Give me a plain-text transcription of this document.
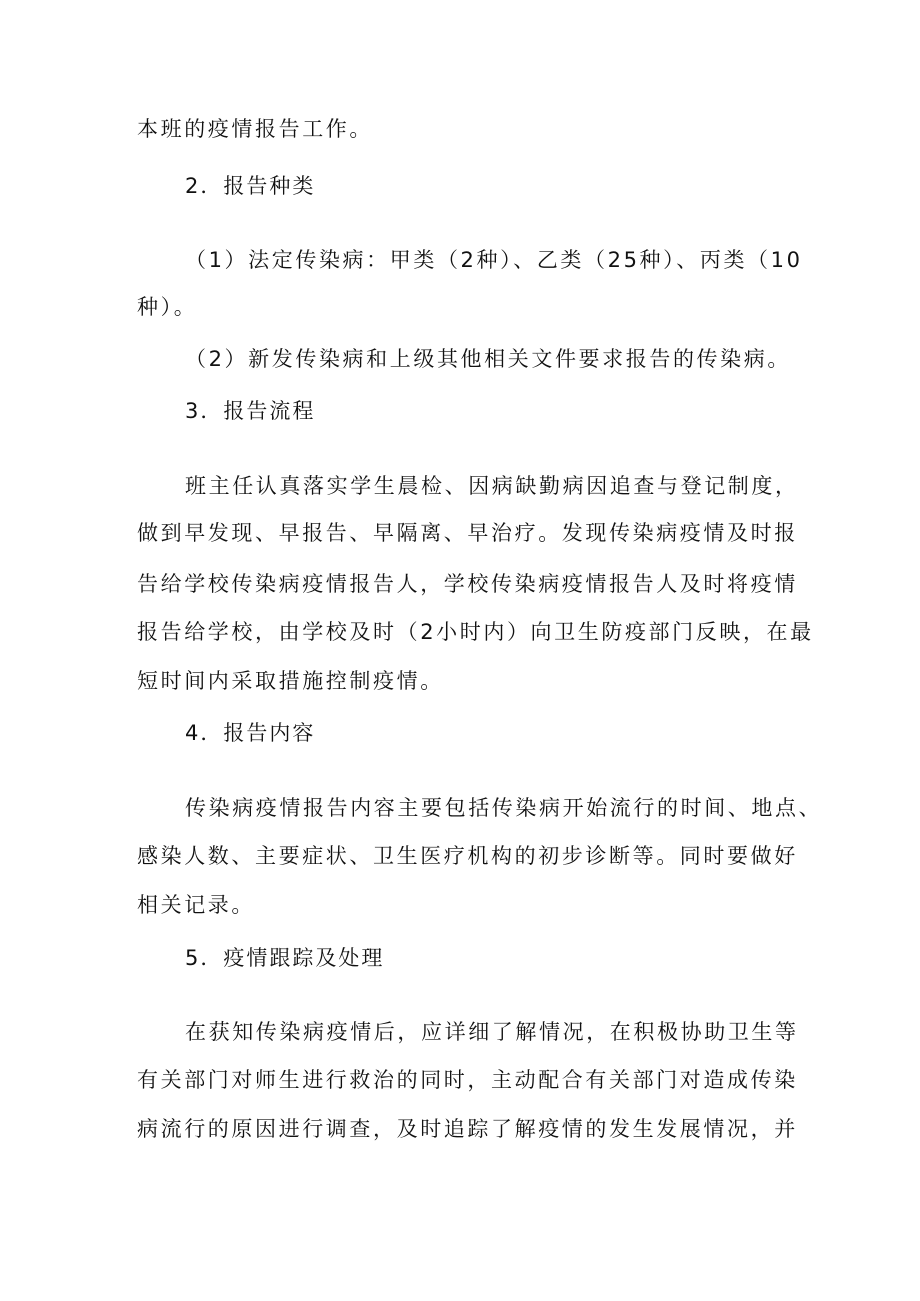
本班的疫情报告工作。
2．报告种类
（1）法定传染病：甲类（2种）、乙类（25种）、丙类（10
种）。
（2）新发传染病和上级其他相关文件要求报告的传染病。
3．报告流程
班主任认真落实学生晨检、因病缺勤病因追查与登记制度，
做到早发现、早报告、早隔离、早治疗。发现传染病疫情及时报
告给学校传染病疫情报告人，学校传染病疫情报告人及时将疫情
报告给学校，由学校及时（2小时内）向卫生防疫部门反映，在最
短时间内采取措施控制疫情。
4．报告内容
传染病疫情报告内容主要包括传染病开始流行的时间、地点、
感染人数、主要症状、卫生医疗机构的初步诊断等。同时要做好
相关记录。
5．疫情跟踪及处理
在获知传染病疫情后，应详细了解情况，在积极协助卫生等
有关部门对师生进行救治的同时，主动配合有关部门对造成传染
病流行的原因进行调查，及时追踪了解疫情的发生发展情况，并
